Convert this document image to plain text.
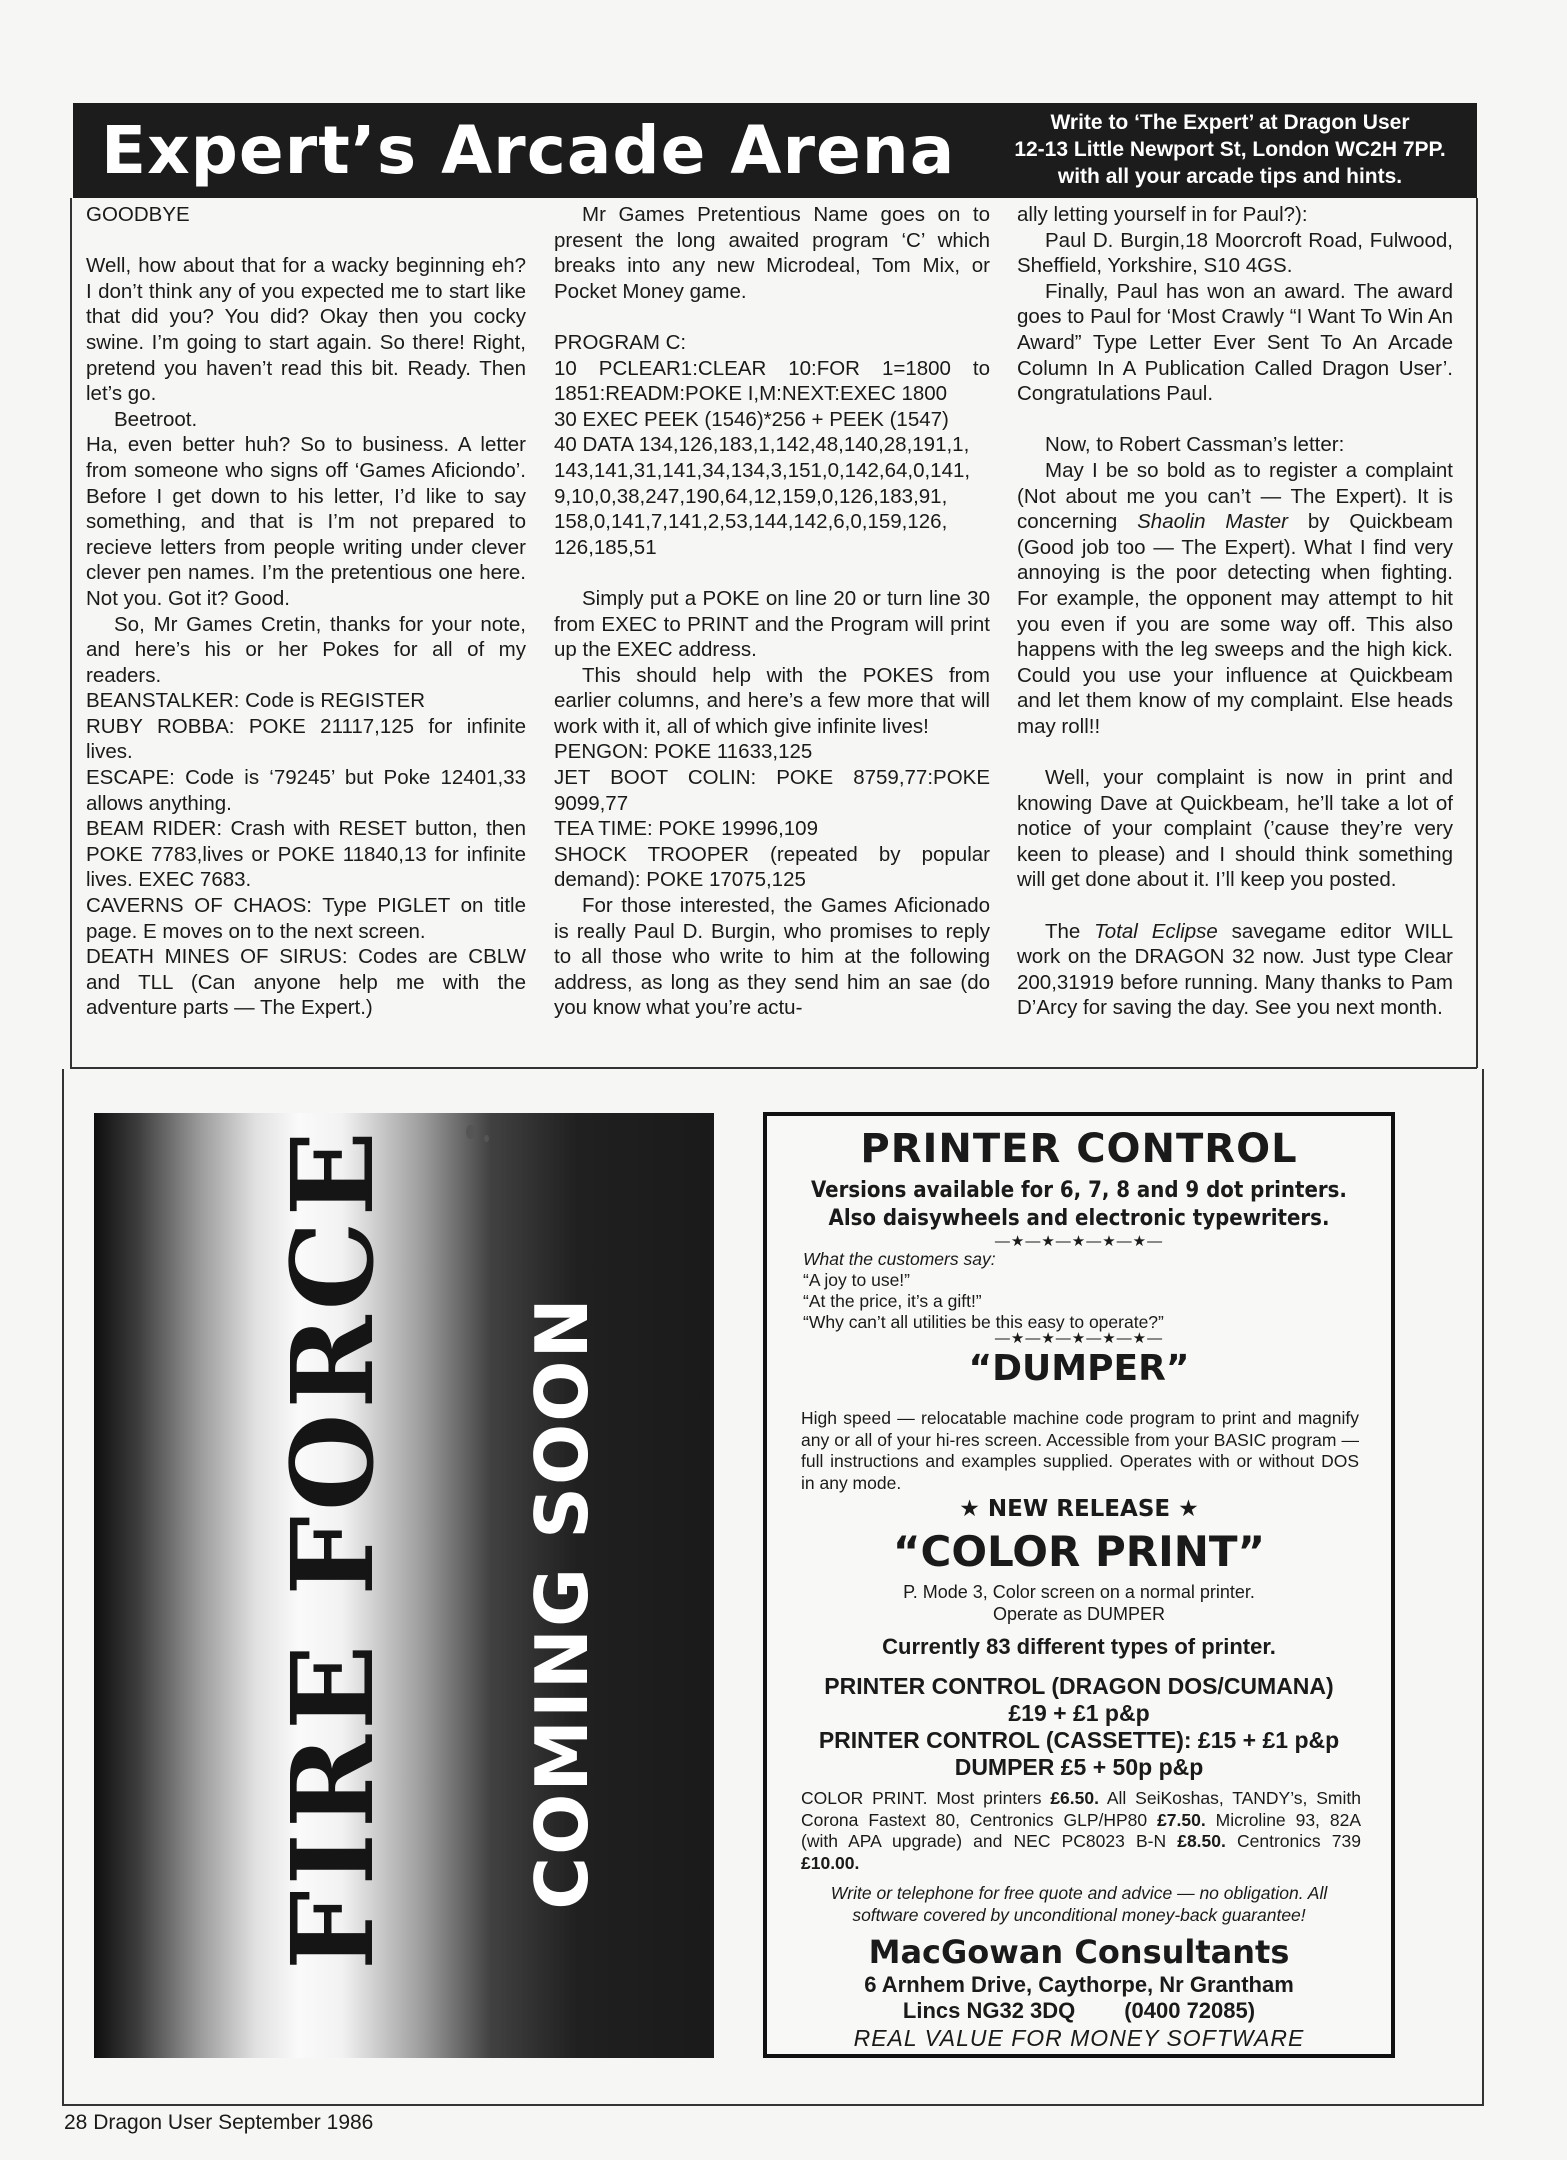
Expert’s Arcade Arena	Write to ‘The Expert’ at Dragon User
12-13 Little Newport St, London WC2H 7PP.
with all your arcade tips and hints.

GOODBYE

Well, how about that for a wacky beginning eh? I don’t think any of you expected me to start like that did you? You did? Okay then you cocky swine. I’m going to start again. So there! Right, pretend you haven’t read this bit. Ready. Then let’s go.

Beetroot.

Ha, even better huh? So to business. A letter from someone who signs off ‘Games Aficiondo’. Before I get down to his letter, I’d like to say something, and that is I’m not prepared to recieve letters from people writing under clever clever pen names. I’m the pretentious one here. Not you. Got it? Good.

So, Mr Games Cretin, thanks for your note, and here’s his or her Pokes for all of my readers.

BEANSTALKER: Code is REGISTER

RUBY ROBBA: POKE 21117,125 for infinite lives.

ESCAPE: Code is ‘79245’ but Poke 12401,33 allows anything.

BEAM RIDER: Crash with RESET button, then POKE 7783,lives or POKE 11840,13 for infinite lives. EXEC 7683.

CAVERNS OF CHAOS: Type PIGLET on title page. E moves on to the next screen.

DEATH MINES OF SIRUS: Codes are CBLW and TLL (Can anyone help me with the adventure parts — The Expert.)

Mr Games Pretentious Name goes on to present the long awaited program ‘C’ which breaks into any new Microdeal, Tom Mix, or Pocket Money game.

PROGRAM C:

10 PCLEAR1:CLEAR 10:FOR 1=1800 to 1851:READM:POKE I,M:NEXT:EXEC 1800

30 EXEC PEEK (1546)*256 + PEEK (1547)

40 DATA 134,126,183,1,142,48,140,28,191,1, 143,141,31,141,34,134,3,151,0,142,64,0,141, 9,10,0,38,247,190,64,12,159,0,126,183,91, 158,0,141,7,141,2,53,144,142,6,0,159,126, 126,185,51

Simply put a POKE on line 20 or turn line 30 from EXEC to PRINT and the Program will print up the EXEC address.

This should help with the POKES from earlier columns, and here’s a few more that will work with it, all of which give infinite lives!

PENGON: POKE 11633,125

JET BOOT COLIN: POKE 8759,77:POKE 9099,77

TEA TIME: POKE 19996,109

SHOCK TROOPER (repeated by popular demand): POKE 17075,125

For those interested, the Games Aficionado is really Paul D. Burgin, who promises to reply to all those who write to him at the following address, as long as they send him an sae (do you know what you’re actu-

ally letting yourself in for Paul?):

Paul D. Burgin,18 Moorcroft Road, Fulwood, Sheffield, Yorkshire, S10 4GS.

Finally, Paul has won an award. The award goes to Paul for ‘Most Crawly “I Want To Win An Award” Type Letter Ever Sent To An Arcade Column In A Publication Called Dragon User’. Congratulations Paul.

Now, to Robert Cassman’s letter:

May I be so bold as to register a complaint (Not about me you can’t — The Expert). It is concerning Shaolin Master by Quickbeam (Good job too — The Expert). What I find very annoying is the poor detecting when fighting. For example, the opponent may attempt to hit you even if you are some way off. This also happens with the leg sweeps and the high kick. Could you use your influence at Quickbeam and let them know of my complaint. Else heads may roll!!

Well, your complaint is now in print and knowing Dave at Quickbeam, he’ll take a lot of notice of your complaint (’cause they’re very keen to please) and I should think something will get done about it. I’ll keep you posted.

The Total Eclipse savegame editor WILL work on the DRAGON 32 now. Just type Clear 200,31919 before running. Many thanks to Pam D’Arcy for saving the day. See you next month.

FIRE FORCE COMING SOON
PRINTER CONTROL
Versions available for 6, 7, 8 and 9 dot printers.
Also daisywheels and electronic typewriters.
—★—★—★—★—★—
What the customers say:
“A joy to use!”
“At the price, it’s a gift!”
“Why can’t all utilities be this easy to operate?”
—★—★—★—★—★—
“DUMPER”
High speed — relocatable machine code program to print and magnify any or all of your hi-res screen. Accessible from your BASIC program — full instructions and examples supplied. Operates with or without DOS in any mode.
★ NEW RELEASE ★
“COLOR PRINT”
P. Mode 3, Color screen on a normal printer.
Operate as DUMPER
Currently 83 different types of printer.
PRINTER CONTROL (DRAGON DOS/CUMANA)
£19 + £1 p&p
PRINTER CONTROL (CASSETTE): £15 + £1 p&p
DUMPER £5 + 50p p&p
COLOR PRINT. Most printers £6.50. All SeiKoshas, TANDY’s, Smith Corona Fastext 80, Centronics GLP/HP80 £7.50. Microline 93, 82A (with APA upgrade) and NEC PC8023 B-N £8.50. Centronics 739 £10.00.
Write or telephone for free quote and advice — no obligation. All
software covered by unconditional money-back guarantee!
MacGowan Consultants
6 Arnhem Drive, Caythorpe, Nr Grantham
Lincs NG32 3DQ        (0400 72085)
REAL VALUE FOR MONEY SOFTWARE
28 Dragon User September 1986
